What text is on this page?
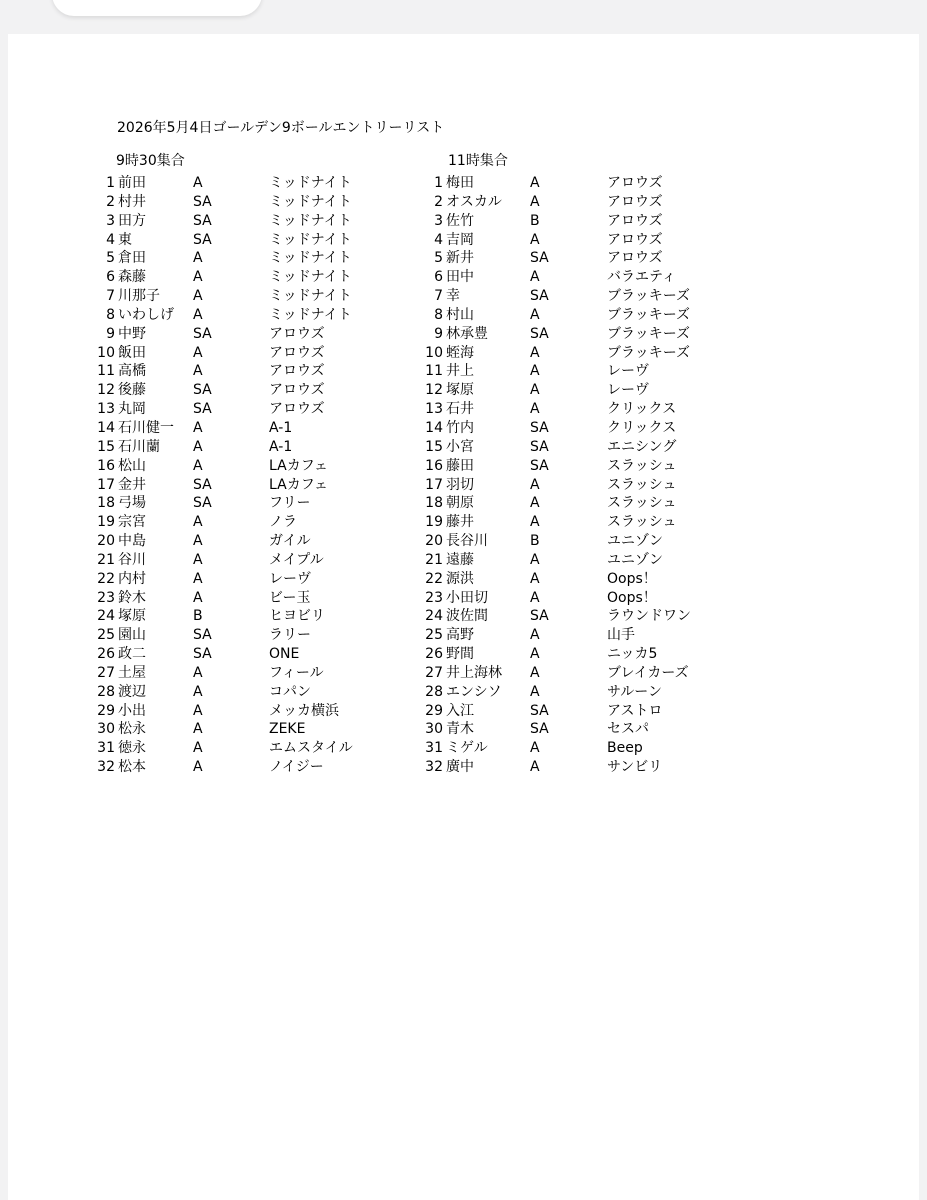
2026年5月4日ゴールデン9ボールエントリーリスト
9時30集合
1 前田	A	ミッドナイト
2 村井	SA	ミッドナイト
3 田方	SA	ミッドナイト
4 東	SA	ミッドナイト
5 倉田	A	ミッドナイト
6 森藤	A	ミッドナイト
7 川那子 A	ミッドナイト
8 いわしげ A	ミッドナイト
9 中野	SA	アロウズ
10 飯田	A	アロウズ
11 高橋	A	アロウズ
12 後藤	SA	アロウズ
13 丸岡	SA	アロウズ
14 石川健一 A	A-1
15 石川蘭 A	A-1
16 松山	A	LAカフェ
17 金井	SA	LAカフェ
18 弓場	SA	フリー
19 宗宮	A	ノラ
20 中島	A	ガイル
21 谷川	A	メイプル
22 内村	A	レーヴ
23 鈴木	A	ビー玉
24 塚原	B	ヒヨビリ
25 園山	SA	ラリー
26 政二	SA	ONE
27 土屋	A	フィール
28 渡辺	A	コパン
29 小出	A	メッカ横浜
30 松永	A	ZEKE
31 徳永	A	エムスタイル
32 松本	A	ノイジー
11時集合
1 梅田	A	アロウズ
2 オスカル A	アロウズ
3 佐竹	B	アロウズ
4 吉岡	A	アロウズ
5 新井	SA	アロウズ
6 田中	A	バラエティ
7 幸	SA	ブラッキーズ
8 村山	A	ブラッキーズ
9 林承豊	SA	ブラッキーズ
10 蛭海	A	ブラッキーズ
11 井上	A	レーヴ
12 塚原	A	レーヴ
13 石井	A	クリックス
14 竹内	SA	クリックス
15 小宮	SA	エニシング
16 藤田	SA	スラッシュ
17 羽切	A	スラッシュ
18 朝原	A	スラッシュ
19 藤井	A	スラッシュ
20 長谷川	B	ユニゾン
21 遠藤	A	ユニゾン
22 源洪	A	Oops！
23 小田切	A	Oops！
24 波佐間	SA	ラウンドワン
25 高野	A	山手
26 野間	A	ニッカ5
27 井上海林 A	ブレイカーズ
28 エンシソ A	サルーン
29 入江	SA	アストロ
30 青木	SA	セスパ
31 ミゲル	A	Beep
32 廣中	A	サンビリ
